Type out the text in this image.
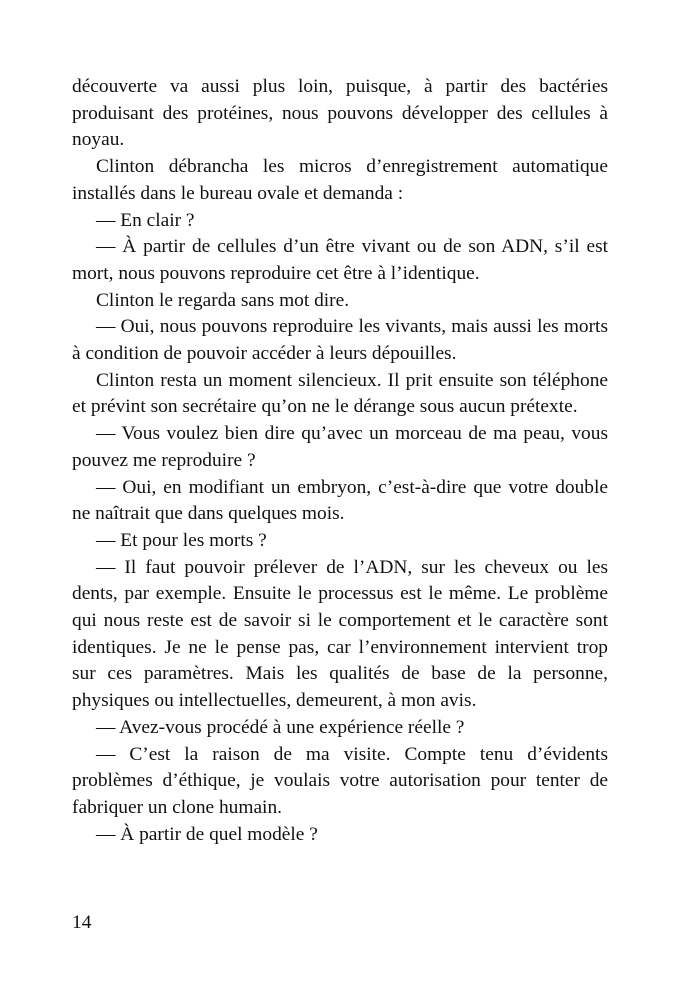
découverte va aussi plus loin, puisque, à partir des bactéries produisant des protéines, nous pouvons développer des cellules à noyau.

Clinton débrancha les micros d’enregistrement automatique installés dans le bureau ovale et demanda :

— En clair ?

— À partir de cellules d’un être vivant ou de son ADN, s’il est mort, nous pouvons reproduire cet être à l’identique.

Clinton le regarda sans mot dire.

— Oui, nous pouvons reproduire les vivants, mais aussi les morts à condition de pouvoir accéder à leurs dépouilles.

Clinton resta un moment silencieux. Il prit ensuite son téléphone et prévint son secrétaire qu’on ne le dérange sous aucun prétexte.

— Vous voulez bien dire qu’avec un morceau de ma peau, vous pouvez me reproduire ?

— Oui, en modifiant un embryon, c’est-à-dire que votre double ne naîtrait que dans quelques mois.

— Et pour les morts ?

— Il faut pouvoir prélever de l’ADN, sur les cheveux ou les dents, par exemple. Ensuite le processus est le même. Le problème qui nous reste est de savoir si le comportement et le caractère sont identiques. Je ne le pense pas, car l’environnement intervient trop sur ces paramètres. Mais les qualités de base de la personne, physiques ou intellectuelles, demeurent, à mon avis.

— Avez-vous procédé à une expérience réelle ?

— C’est la raison de ma visite. Compte tenu d’évidents problèmes d’éthique, je voulais votre autorisation pour tenter de fabriquer un clone humain.

— À partir de quel modèle ?

14
